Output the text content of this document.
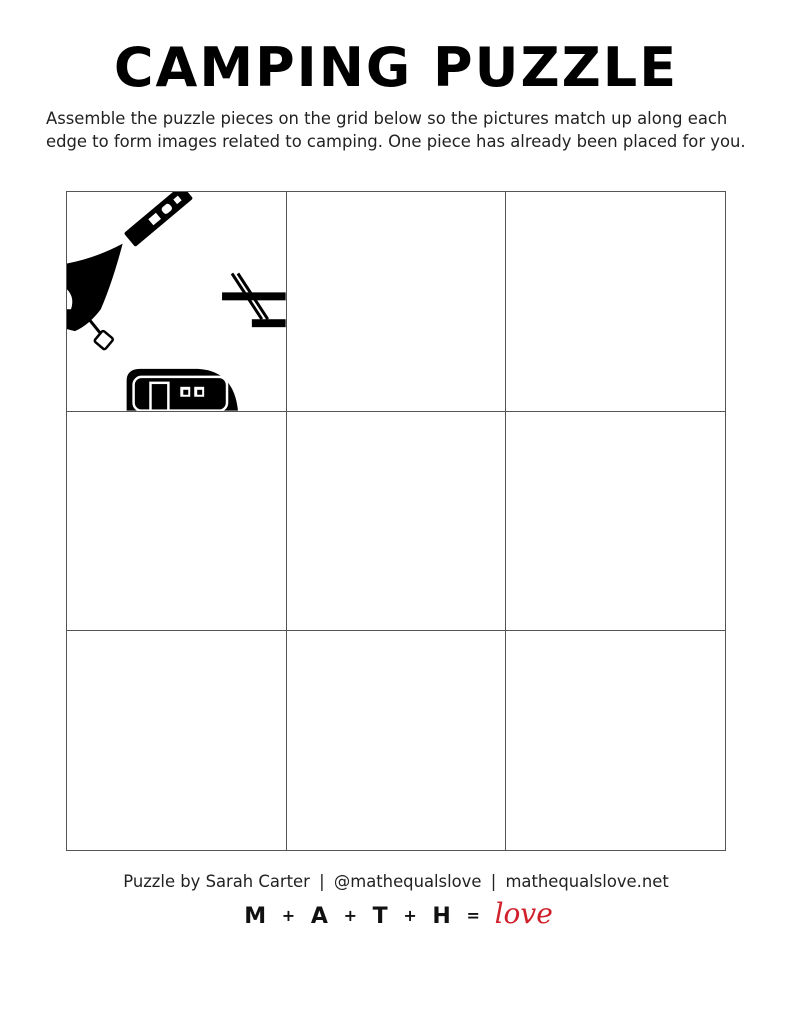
CAMPING PUZZLE

Assemble the puzzle pieces on the grid below so the pictures match up along each edge to form images related to camping. One piece has already been placed for you.

Puzzle by Sarah Carter | @mathequalslove | mathequalslove.net

M + A + T + H = love
